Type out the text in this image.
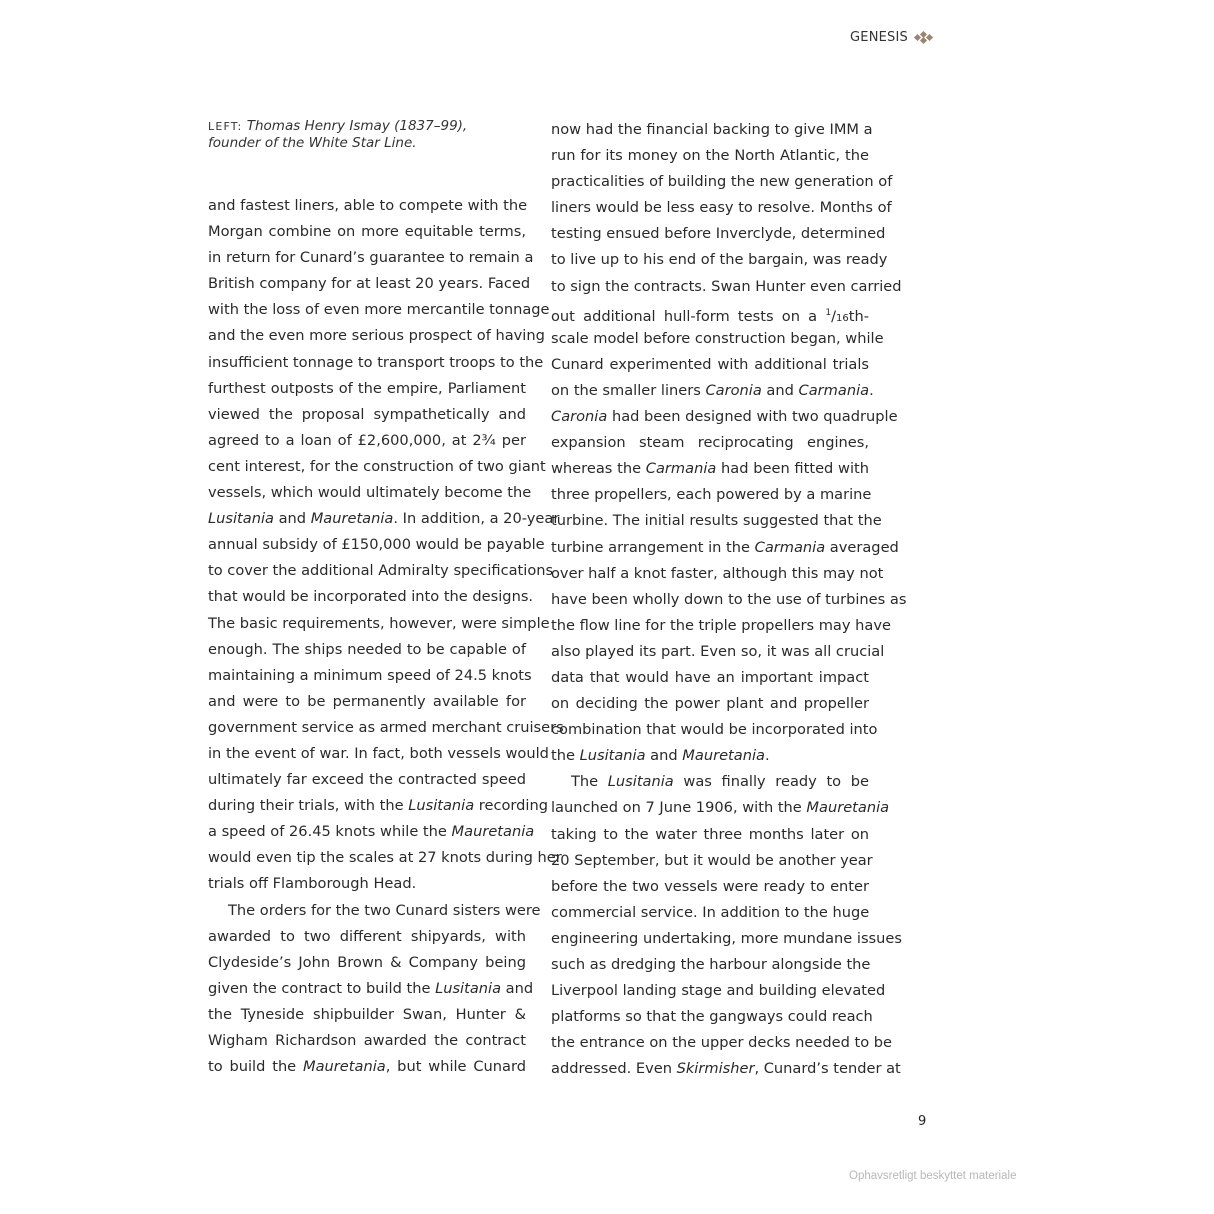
GENESIS
LEFT: Thomas Henry Ismay (1837–99),
founder of the White Star Line.
and fastest liners, able to compete with the
Morgan combine on more equitable terms,
in return for Cunard’s guarantee to remain a
British company for at least 20 years. Faced
with the loss of even more mercantile tonnage
and the even more serious prospect of having
insufficient tonnage to transport troops to the
furthest outposts of the empire, Parliament
viewed the proposal sympathetically and
agreed to a loan of £2,600,000, at 2¾ per
cent interest, for the construction of two giant
vessels, which would ultimately become the
Lusitania and Mauretania. In addition, a 20-year
annual subsidy of £150,000 would be payable
to cover the additional Admiralty specifications
that would be incorporated into the designs.
The basic requirements, however, were simple
enough. The ships needed to be capable of
maintaining a minimum speed of 24.5 knots
and were to be permanently available for
government service as armed merchant cruisers
in the event of war. In fact, both vessels would
ultimately far exceed the contracted speed
during their trials, with the Lusitania recording
a speed of 26.45 knots while the Mauretania
would even tip the scales at 27 knots during her
trials off Flamborough Head.
The orders for the two Cunard sisters were
awarded to two different shipyards, with
Clydeside’s John Brown & Company being
given the contract to build the Lusitania and
the Tyneside shipbuilder Swan, Hunter &
Wigham Richardson awarded the contract
to build the Mauretania, but while Cunard
now had the financial backing to give IMM a
run for its money on the North Atlantic, the
practicalities of building the new generation of
liners would be less easy to resolve. Months of
testing ensued before Inverclyde, determined
to live up to his end of the bargain, was ready
to sign the contracts. Swan Hunter even carried
out additional hull-form tests on a $^1$/16th-
scale model before construction began, while
Cunard experimented with additional trials
on the smaller liners Caronia and Carmania.
Caronia had been designed with two quadruple
expansion steam reciprocating engines,
whereas the Carmania had been fitted with
three propellers, each powered by a marine
turbine. The initial results suggested that the
turbine arrangement in the Carmania averaged
over half a knot faster, although this may not
have been wholly down to the use of turbines as
the flow line for the triple propellers may have
also played its part. Even so, it was all crucial
data that would have an important impact
on deciding the power plant and propeller
combination that would be incorporated into
the Lusitania and Mauretania.
The Lusitania was finally ready to be
launched on 7 June 1906, with the Mauretania
taking to the water three months later on
20 September, but it would be another year
before the two vessels were ready to enter
commercial service. In addition to the huge
engineering undertaking, more mundane issues
such as dredging the harbour alongside the
Liverpool landing stage and building elevated
platforms so that the gangways could reach
the entrance on the upper decks needed to be
addressed. Even Skirmisher, Cunard’s tender at
9
Ophavsretligt beskyttet materiale
